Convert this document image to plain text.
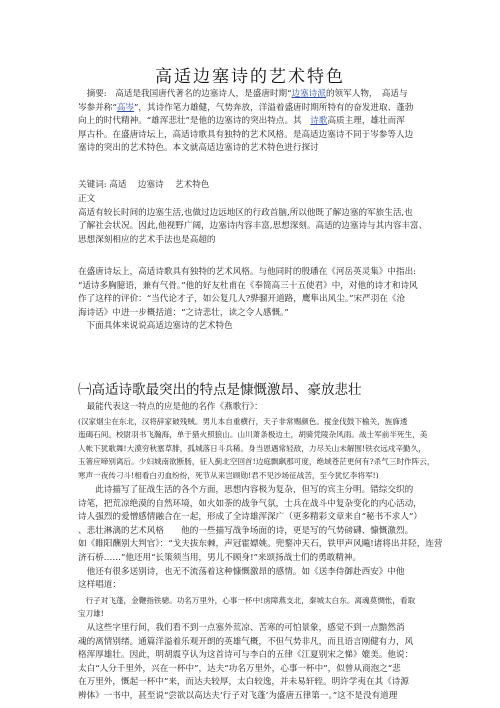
高适边塞诗的艺术特色

　摘要:　高适是我国唐代著名的边塞诗人，是盛唐时期“边塞诗派的领军人物，　高适与

岑参并称“高岑”，其诗作笔力雄健，气势奔放，洋溢着盛唐时期所特有的奋发进取、蓬勃

向上的时代精神。“雄浑悲壮”是他的边塞诗的突出特点。其　诗歌高质主理，雄壮而浑

厚古朴。在盛唐诗坛上，高适诗歌具有独特的艺术风格。是高适边塞诗不同于岑参等人边

塞诗的突出的艺术特色。本文就高适边塞诗的艺术特色进行探讨

关键词: 高适　 边塞诗　 艺术特色

正文

高适有较长时间的边塞生活,也做过边远地区的行政首脑,所以他既了解边塞的军旅生活,也

了解社会状况。因此,他视野广阔，边塞诗内容丰富,思想深刻。高适的边塞诗与其内容丰富、

思想深刻相应的艺术手法也是高超的

在盛唐诗坛上，高适诗歌具有独特的艺术风格。与他同时的殷璠在《河岳英灵集》中指出:

“适诗多胸臆语，兼有气骨。”他的好友杜甫在《奉简高三十五使君》中，对他的诗才和诗风

作了这样的评价：“当代论才子，如公复几人?骅骝开道路，鹰隼出风尘。”宋严羽在《沧

海诗话》中进一步概括道：“之诗悲壮，读之令人感慨。”

　下面具体来说说高适边塞诗的艺术特色

㈠高适诗歌最突出的特点是慷慨激昂、豪放悲壮

　最能代表这一特点的应是他的名作《燕歌行》：

(汉家烟尘在东北，汉将辞家破残贼。男儿本自重横行，天子非常赐颜色。摐金伐鼓下榆关，旌旆逶

迤碣石间。校尉羽书飞瀚海，单于猎火照狼山。山川萧条极边土，胡骑凭陵杂风雨。战士军前半死生，美

人帐下犹歌舞!大漠穷秋塞草腓，孤城落日斗兵稀。身当恩遇常轻敌，力尽关山未解围!铁衣远戍辛勤久，

玉箸应啼别离后。少妇城南欲断肠，征人蓟北空回首!边庭飘飖那可度，绝域苍茫更何有?杀气三时作阵云，

寒声一夜传刁斗!相看白刃血纷纷，死节从来岂顾勋!君不见沙场征战苦，至今犹忆李将军!)

　　此诗描写了征战生活的各个方面，思想内容极为复杂，但写的宾主分明。错综交织的

诗笔，把荒凉绝漠的自然环境，如火如荼的战争气氛，士兵在战斗中复杂变化的内心活动，

诗人强烈的爱憎感情融合在一起，形成了全诗雄浑深广（更多精彩文章来自“秘书不求人”）

、悲壮淋漓的艺术风格　　他的一些描写战争场面的诗，更是写的气势磅礴、慷慨激烈。

如《睢阳酬别大判官》：“戈夫拔东棘，声冠霍嫖姚。兜鍪冲天石，铁甲声风飚!诸将出井陉，连营

济石桥……”他还用“长策须当用，男儿不顾身!”来颂扬战士们的勇敢精神。

　他还有很多送别诗，也无不流荡着这种慷慨激昂的感情。如《送李侍御赴西安》中他

这样唱道：

　行子对飞蓬，金鞭指铁骢。功名万里外，心事一杯中!虏障燕支北，秦城太白东。离魂莫惆怅，看取

宝刀雄!

　从这些字里行间，我们看不到一点塞外荒凉、苦寒的可怕景象，感觉不到一点黯然消

魂的离情别绪。通篇洋溢着乐观开朗的英雄气概，不但气势非凡，而且语言刚健有力，风

格浑厚雄壮。因此，明胡震亨认为这首诗可与李白的五律《江夏别宋之悌》媲美。他说：

太白“人分千里外，兴在一杯中”，达夫“功名万里外，心事一杯中”，似曾从商泡之“悲

在万里外，慨起一杯中”来，而达夫较厚，太白较逸，并未易轩轾。明许学夷在其《诗源

辨体》一书中，甚至说“尝欲以高达夫‘行子对飞蓬’为盛唐五律第一。”这不是没有道理
